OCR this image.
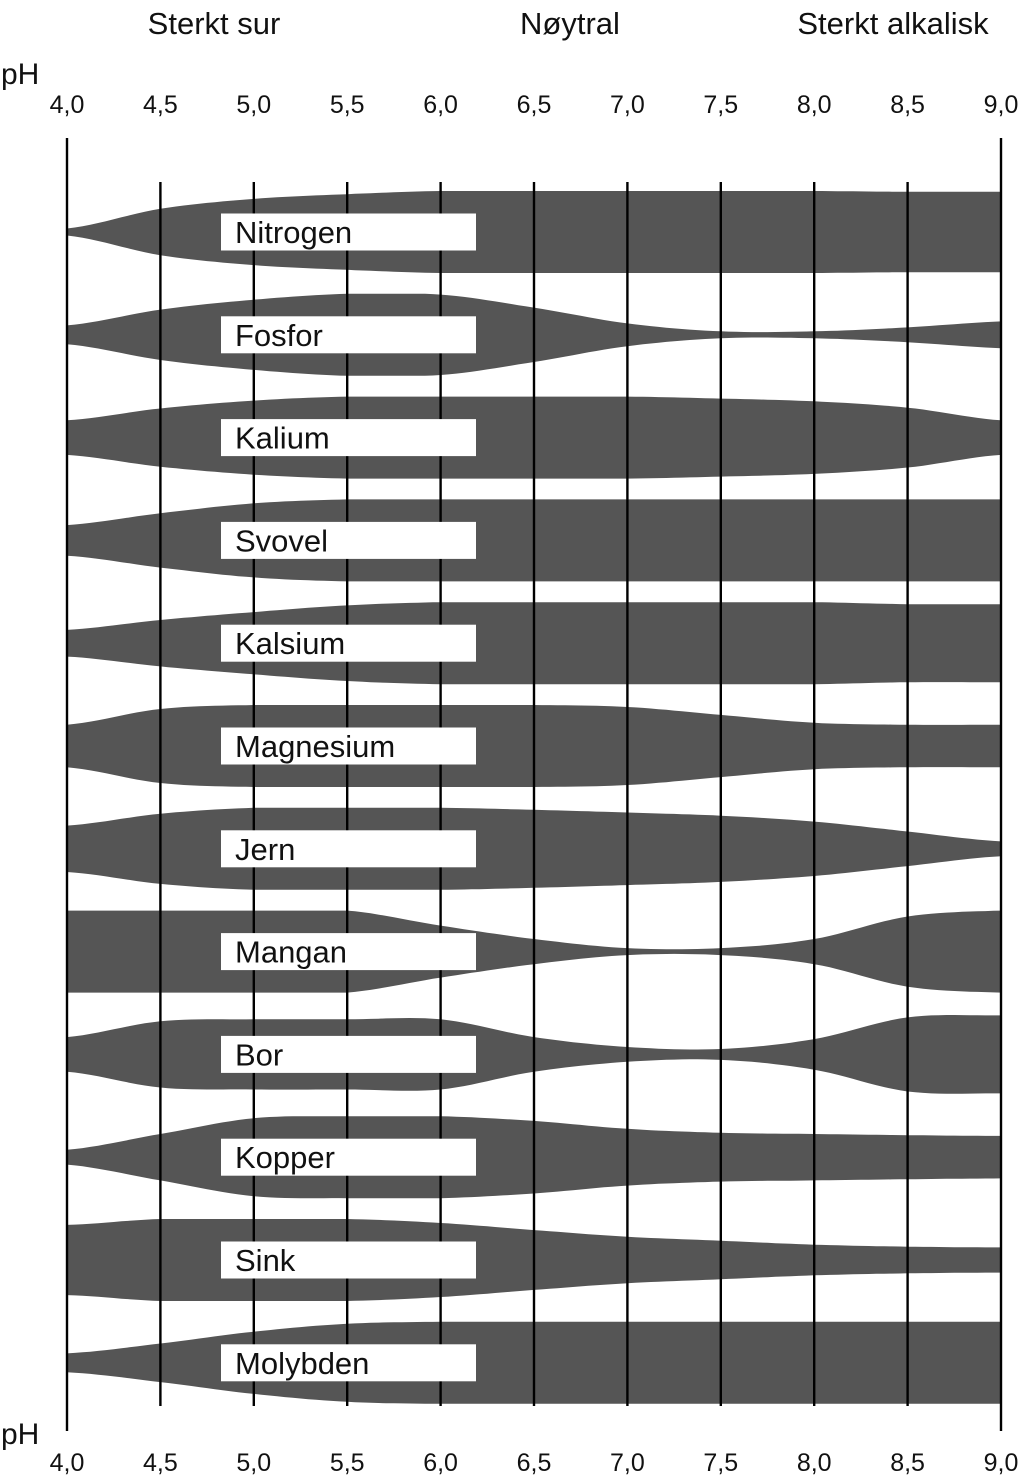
Nitrogen
Fosfor
Kalium
Svovel
Kalsium
Magnesium
Jern
Mangan
Bor
Kopper
Sink
Molybden
Sterkt sur	Nøytral	Sterkt alkalisk
pH
pH
4,0 4,5 5,0 5,5 6,0 6,5 7,0 7,5 8,0 8,5 9,0
4,0 4,5 5,0 5,5 6,0 6,5 7,0 7,5 8,0 8,5 9,0
